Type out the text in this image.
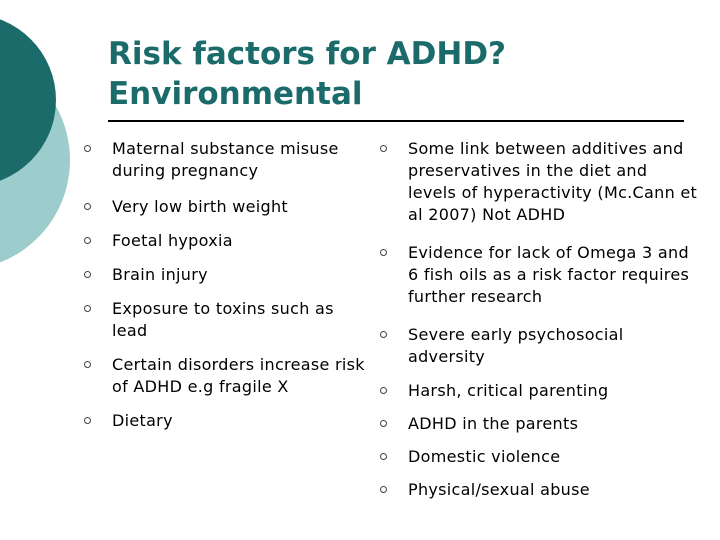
Risk factors for ADHD?
Environmental
Maternal substance misuse during pregnancy
Very low birth weight
Foetal hypoxia
Brain injury
Exposure to toxins such as lead
Certain disorders increase risk of ADHD e.g fragile X
Dietary
Some link between additives and preservatives in the diet and levels of hyperactivity (Mc.Cann et al 2007) Not ADHD
Evidence for lack of Omega 3 and 6 fish oils as a risk factor requires further research
Severe early psychosocial adversity
Harsh, critical parenting
ADHD in the parents
Domestic violence
Physical/sexual abuse
